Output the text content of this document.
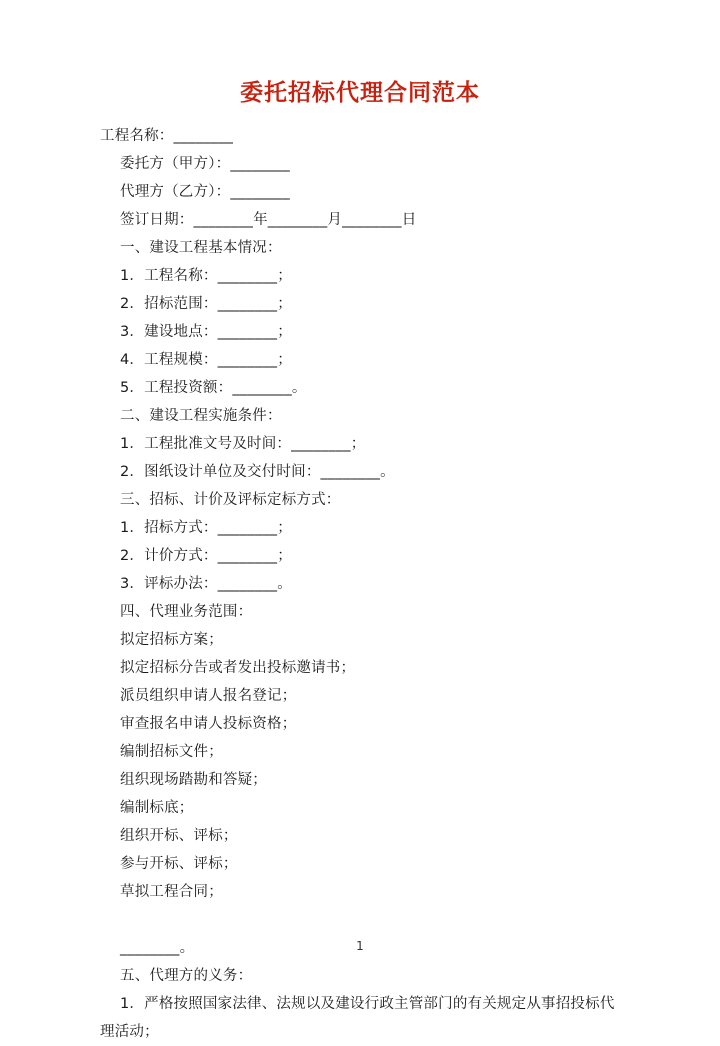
委托招标代理合同范本
工程名称：________
委托方（甲方）：________
代理方（乙方）：________
签订日期：________年________月________日
一、建设工程基本情况：
1．工程名称：________；
2．招标范围：________；
3．建设地点：________；
4．工程规模：________；
5．工程投资额：________。
二、建设工程实施条件：
1．工程批准文号及时间：________；
2．图纸设计单位及交付时间：________。
三、招标、计价及评标定标方式：
1．招标方式：________；
2．计价方式：________；
3．评标办法：________。
四、代理业务范围：
拟定招标方案；
拟定招标分告或者发出投标邀请书；
派员组织申请人报名登记；
审查报名申请人投标资格；
编制招标文件；
组织现场踏勘和答疑；
编制标底；
组织开标、评标；
参与开标、评标；
草拟工程合同；
________。
五、代理方的义务：
1．严格按照国家法律、法规以及建设行政主管部门的有关规定从事招投标代理活动；
1
